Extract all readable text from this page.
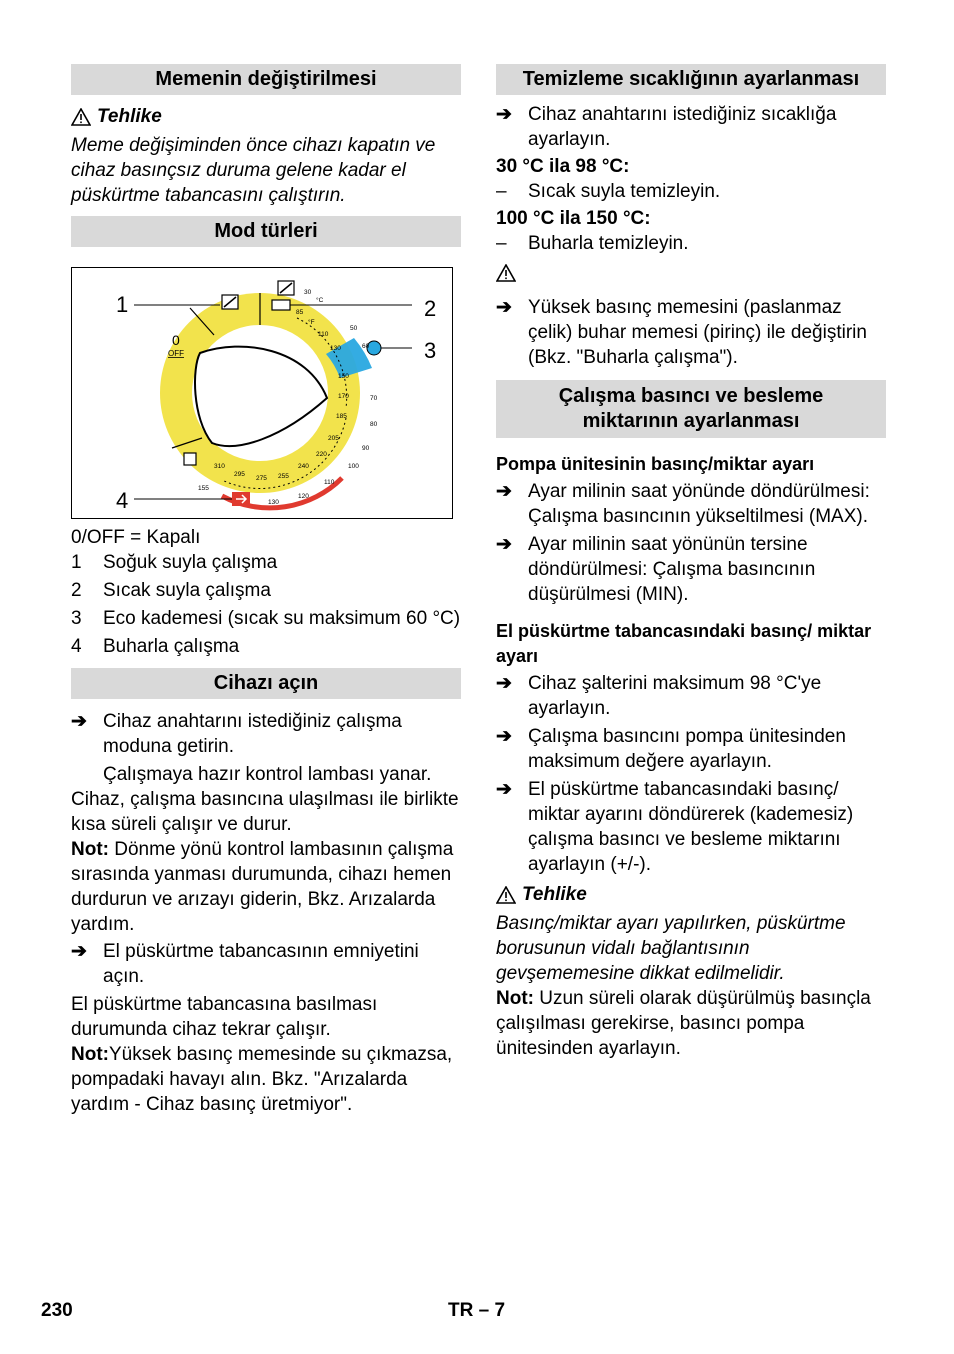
Memenin değiştirilmesi
Tehlike

Meme değişiminden önce cihazı kapatın ve cihaz basınçsız duruma gelene kadar el püskürtme tabancasını çalıştırın.

Mod türleri
1	2
3
4
0
OFF
30
°C
85
°F
110
130
150
170
185
205
220
240
255
275
295
310
155
130
120
110
50
60
70
80
90
100

0/OFF = Kapalı

1	Soğuk suyla çalışma
2	Sıcak suyla çalışma
3	Eco kademesi (sıcak su maksimum 60 °C)
4	Buharla çalışma
Cihazı açın
➔ Cihaz anahtarını istediğiniz çalışma moduna getirin.

Çalışmaya hazır kontrol lambası yanar.

Cihaz, çalışma basıncına ulaşılması ile birlikte kısa süreli çalışır ve durur.

Not: Dönme yönü kontrol lambasının çalışma sırasında yanması durumunda, cihazı hemen durdurun ve arızayı giderin, Bkz. Arızalarda yardım.

➔ El püskürtme tabancasının emniyetini açın.

El püskürtme tabancasına basılması durumunda cihaz tekrar çalışır.

Not:Yüksek basınç memesinde su çıkmazsa, pompadaki havayı alın. Bkz. "Arızalarda yardım - Cihaz basınç üretmiyor".

Temizleme sıcaklığının ayarlanması
➔ Cihaz anahtarını istediğiniz sıcaklığa ayarlayın.

30 °C ila 98 °C:

–	Sıcak suyla temizleyin.

100 °C ila 150 °C:

–	Buharla temizleyin.
➔ Yüksek basınç memesini (paslanmaz çelik) buhar memesi (pirinç) ile değiştirin (Bkz. "Buharla çalışma").
Çalışma basıncı ve besleme miktarının ayarlanması

Pompa ünitesinin basınç/miktar ayarı

➔ Ayar milinin saat yönünde döndürülmesi: Çalışma basıncının yükseltilmesi (MAX).
➔ Ayar milinin saat yönünün tersine döndürülmesi: Çalışma basıncının düşürülmesi (MIN).

El püskürtme tabancasındaki basınç/ miktar ayarı

➔ Cihaz şalterini maksimum 98 °C'ye ayarlayın.
➔ Çalışma basıncını pompa ünitesinden maksimum değere ayarlayın.
➔ El püskürtme tabancasındaki basınç/ miktar ayarını döndürerek (kademesiz) çalışma basıncı ve besleme miktarını ayarlayın (+/-).
Tehlike

Basınç/miktar ayarı yapılırken, püskürtme borusunun vidalı bağlantısının gevşememesine dikkat edilmelidir.

Not: Uzun süreli olarak düşürülmüş basınçla çalışılması gerekirse, basıncı pompa ünitesinden ayarlayın.

230	TR – 7
